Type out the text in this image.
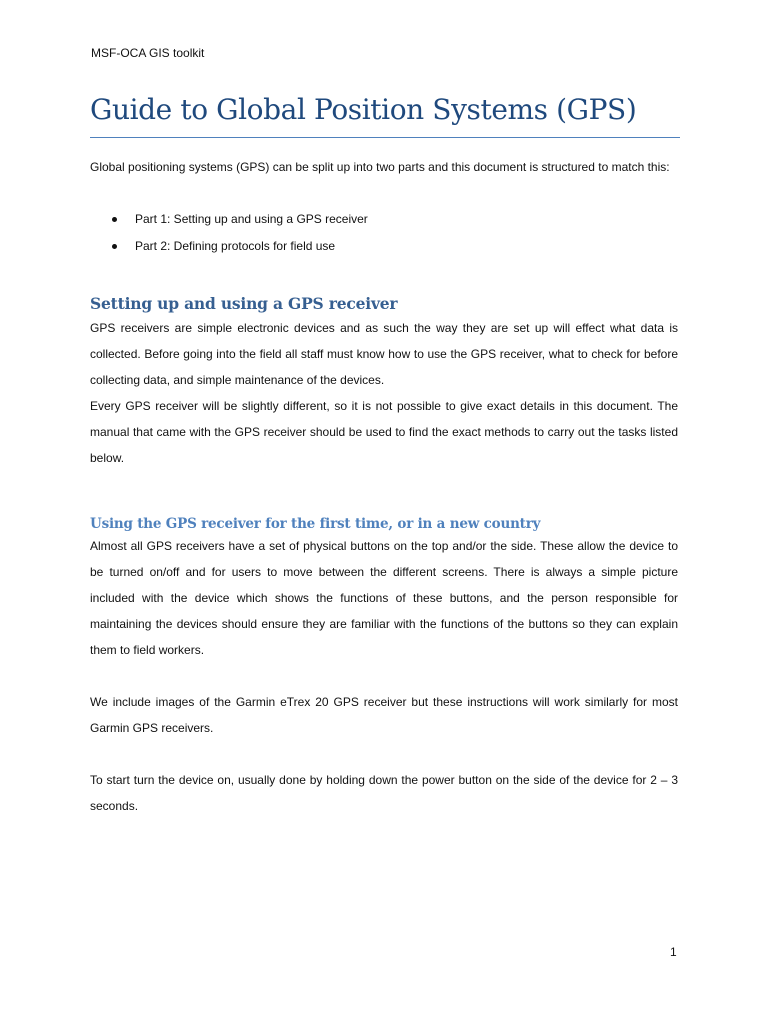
MSF-OCA GIS toolkit
Guide to Global Position Systems (GPS)

Global positioning systems (GPS) can be split up into two parts and this document is structured to match this:

Part 1: Setting up and using a GPS receiver
Part 2: Defining protocols for field use
Setting up and using a GPS receiver

GPS receivers are simple electronic devices and as such the way they are set up will effect what data is collected. Before going into the field all staff must know how to use the GPS receiver, what to check for before collecting data, and simple maintenance of the devices.

Every GPS receiver will be slightly different, so it is not possible to give exact details in this document. The manual that came with the GPS receiver should be used to find the exact methods to carry out the tasks listed below.

Using the GPS receiver for the first time, or in a new country

Almost all GPS receivers have a set of physical buttons on the top and/or the side. These allow the device to be turned on/off and for users to move between the different screens. There is always a simple picture included with the device which shows the functions of these buttons, and the person responsible for maintaining the devices should ensure they are familiar with the functions of the buttons so they can explain them to field workers.

We include images of the Garmin eTrex 20 GPS receiver but these instructions will work similarly for most Garmin GPS receivers.

To start turn the device on, usually done by holding down the power button on the side of the device for 2 – 3 seconds.

1
